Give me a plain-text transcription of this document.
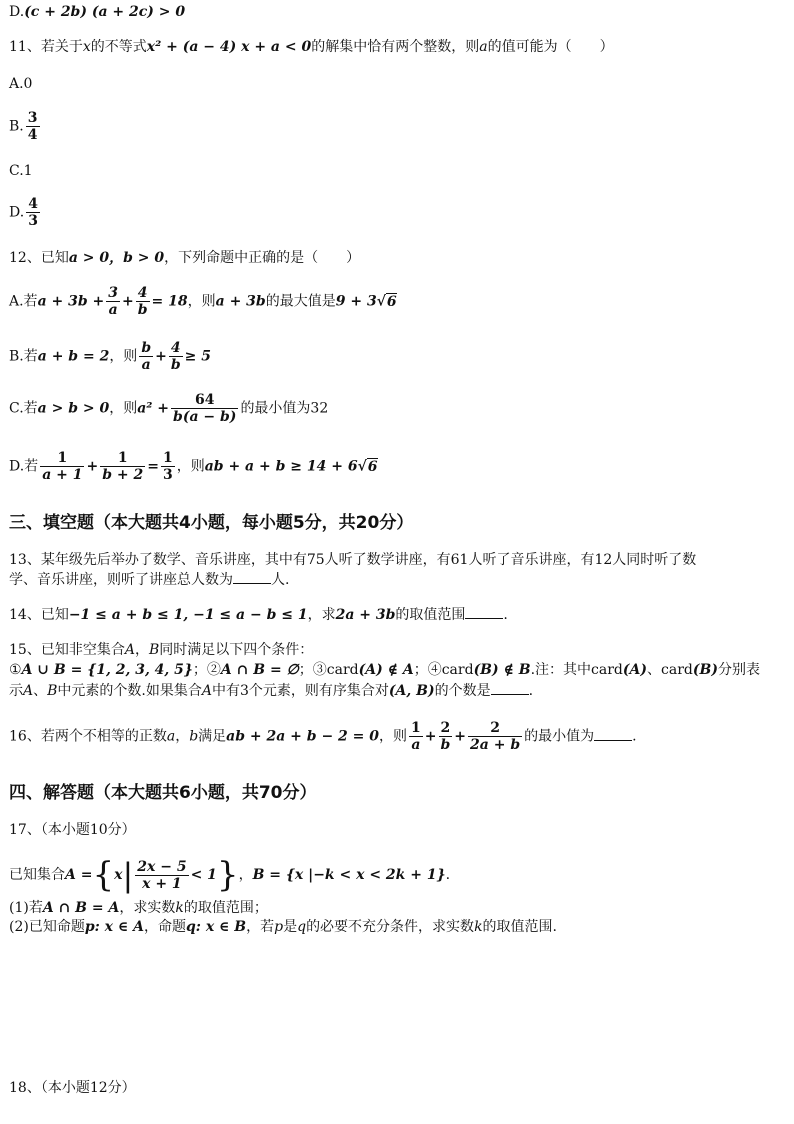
D.(c + 2b) (a + 2c) > 0
11、若关于x的不等式x² + (a − 4) x + a < 0的解集中恰有两个整数，则a的值可能为（　　）
A.0
B. $\frac{3}{4}$
C.1
D. $\frac{4}{3}$
12、已知a > 0，b > 0，下列命题中正确的是（　　）
A.若$a + 3b + \frac{3}{a} + \frac{4}{b} = 18$，则a + 3b的最大值是9 + 3√6
B.若a + b = 2，则 $\frac{b}{a} + \frac{4}{b} \ge 5$
C.若a > b > 0，则$a^2 + \frac{64}{b(a - b)}$ 的最小值为32
D.若 $\frac{1}{a + 1} + \frac{1}{b + 2} = \frac{1}{3}$ ，则ab + a + b ≥ 14 + 6√6
三、填空题（本大题共4小题，每小题5分，共20分）
13、某年级先后举办了数学、音乐讲座，其中有75人听了数学讲座，有61人听了音乐讲座，有12人同时听了数
学、音乐讲座，则听了讲座总人数为	人.
14、已知−1 ≤ a + b ≤ 1, −1 ≤ a − b ≤ 1，求2a + 3b的取值范围	.
15、已知非空集合A，B同时满足以下四个条件：
①A ∪ B = {1, 2, 3, 4, 5}；②A ∩ B = ∅；③card(A) ∉ A；④card(B) ∉ B.注：其中card(A)、card(B)分别表
示A、B中元素的个数.如果集合A中有3个元素，则有序集合对(A, B)的个数是	.
16、若两个不相等的正数a，b满足ab + 2a + b − 2 = 0，则 $\frac{1}{a} + \frac{2}{b} + \frac{2}{2a + b}$ 的最小值为	.
四、解答题（本大题共6小题，共70分）
17、（本小题10分）
已知集合$A =\{x| \frac{2x - 5}{x + 1} < 1\}$，B = {x |−k < x < 2k + 1}.
(1)若A ∩ B = A，求实数k的取值范围；
(2)已知命题p: x ∈ A，命题q: x ∈ B，若p是q的必要不充分条件，求实数k的取值范围.
18、（本小题12分）
